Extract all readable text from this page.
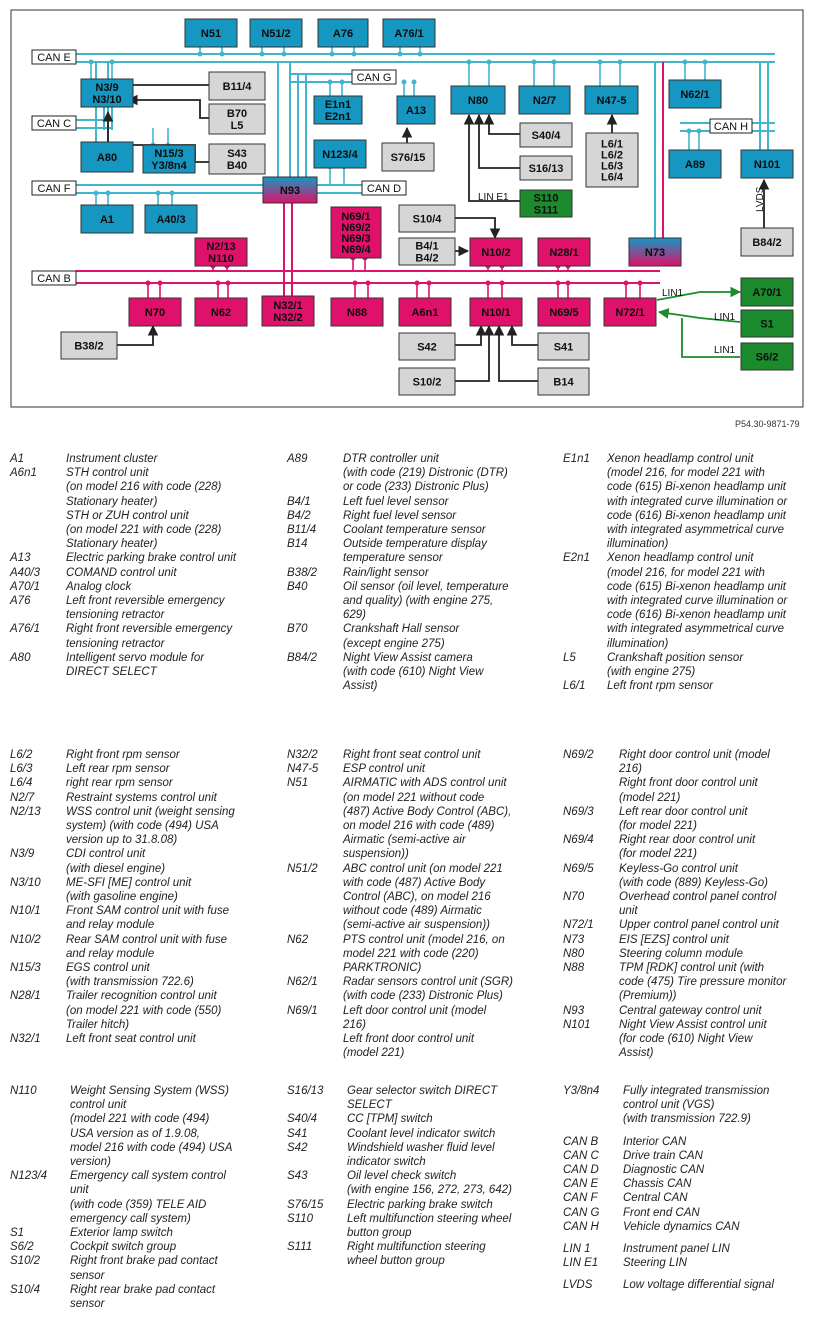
N51	N51/2	A76	A76/1
N3/9
N3/10
B11/4
B70
L5
S43
B40
A80	N15/3
Y3/8n4
A1	A40/3
E1n1
E2n1	A13
S76/15
N123/4
N93
N80	N2/7	N47-5
S40/4
S16/13
L6/1
L6/2
L6/3
L6/4
S110
S111
N62/1
A89	N101
B84/2
N73
N69/1
N69/2
N69/3
N69/4
N2/13
N110
S10/4
B4/1
B4/2	N10/2	N28/1
N70	N62
N32/1
N32/2	N88	A6n1	N10/1	N69/5	N72/1
A70/1
S1
S6/2
B38/2	S42	S41
S10/2	B14
CAN E
CAN C
CAN F
CAN B
CAN G
CAN D
CAN H
LIN1
LIN1
LIN1
LIN E1	LVDS
P54.30-9871-79
A1	Instrument cluster
A6n1	STH control unit
(on model 216 with code (228)
Stationary heater)
STH or ZUH control unit
(on model 221 with code (228)
Stationary heater)
A13	Electric parking brake control unit
A40/3	COMAND control unit
A70/1	Analog clock
A76	Left front reversible emergency
tensioning retractor
A76/1	Right front reversible emergency
tensioning retractor
A80	Intelligent servo module for
DIRECT SELECT
A89	DTR controller unit
(with code (219) Distronic (DTR)
or code (233) Distronic Plus)
B4/1	Left fuel level sensor
B4/2	Right fuel level sensor
B11/4	Coolant temperature sensor
B14	Outside temperature display
temperature sensor
B38/2	Rain/light sensor
B40	Oil sensor (oil level, temperature
and quality) (with engine 275,
629)
B70	Crankshaft Hall sensor
(except engine 275)
B84/2	Night View Assist camera
(with code (610) Night View
Assist)
E1n1	Xenon headlamp control unit
(model 216, for model 221 with
code (615) Bi-xenon headlamp unit
with integrated curve illumination or
code (616) Bi-xenon headlamp unit
with integrated asymmetrical curve
illumination)
E2n1	Xenon headlamp control unit
(model 216, for model 221 with
code (615) Bi-xenon headlamp unit
with integrated curve illumination or
code (616) Bi-xenon headlamp unit
with integrated asymmetrical curve
illumination)
L5	Crankshaft position sensor
(with engine 275)
L6/1	Left front rpm sensor
L6/2	Right front rpm sensor
L6/3	Left rear rpm sensor
L6/4	right rear rpm sensor
N2/7	Restraint systems control unit
N2/13	WSS control unit (weight sensing
system) (with code (494) USA
version up to 31.8.08)
N3/9	CDI control unit
(with diesel engine)
N3/10	ME-SFI [ME] control unit
(with gasoline engine)
N10/1	Front SAM control unit with fuse
and relay module
N10/2	Rear SAM control unit with fuse
and relay module
N15/3	EGS control unit
(with transmission 722.6)
N28/1	Trailer recognition control unit
(on model 221 with code (550)
Trailer hitch)
N32/1	Left front seat control unit
N32/2	Right front seat control unit
N47-5	ESP control unit
N51	AIRMATIC with ADS control unit
(on model 221 without code
(487) Active Body Control (ABC),
on model 216 with code (489)
Airmatic (semi-active air
suspension))
N51/2	ABC control unit (on model 221
with code (487) Active Body
Control (ABC), on model 216
without code (489) Airmatic
(semi-active air suspension))
N62	PTS control unit (model 216, on
model 221 with code (220)
PARKTRONIC)
N62/1	Radar sensors control unit (SGR)
(with code (233) Distronic Plus)
N69/1	Left door control unit (model
216)
Left front door control unit
(model 221)
N69/2	Right door control unit (model
216)
Right front door control unit
(model 221)
N69/3	Left rear door control unit
(for model 221)
N69/4	Right rear door control unit
(for model 221)
N69/5	Keyless-Go control unit
(with code (889) Keyless-Go)
N70	Overhead control panel control
unit
N72/1	Upper control panel control unit
N73	EIS [EZS] control unit
N80	Steering column module
N88	TPM [RDK] control unit (with
code (475) Tire pressure monitor
(Premium))
N93	Central gateway control unit
N101	Night View Assist control unit
(for code (610) Night View
Assist)
N110	Weight Sensing System (WSS)
control unit
(model 221 with code (494)
USA version as of 1.9.08,
model 216 with code (494) USA
version)
N123/4	Emergency call system control
unit
(with code (359) TELE AID
emergency call system)
S1	Exterior lamp switch
S6/2	Cockpit switch group
S10/2	Right front brake pad contact
sensor
S10/4	Right rear brake pad contact
sensor
S16/13	Gear selector switch DIRECT
SELECT
S40/4	CC [TPM] switch
S41	Coolant level indicator switch
S42	Windshield washer fluid level
indicator switch
S43	Oil level check switch
(with engine 156, 272, 273, 642)
S76/15	Electric parking brake switch
S110	Left multifunction steering wheel
button group
S111	Right multifunction steering
wheel button group
Y3/8n4	Fully integrated transmission
control unit (VGS)
(with transmission 722.9)
CAN B	Interior CAN
CAN C	Drive train CAN
CAN D	Diagnostic CAN
CAN E	Chassis CAN
CAN F	Central CAN
CAN G	Front end CAN
CAN H	Vehicle dynamics CAN
LIN 1	Instrument panel LIN
LIN E1	Steering LIN
LVDS	Low voltage differential signal
